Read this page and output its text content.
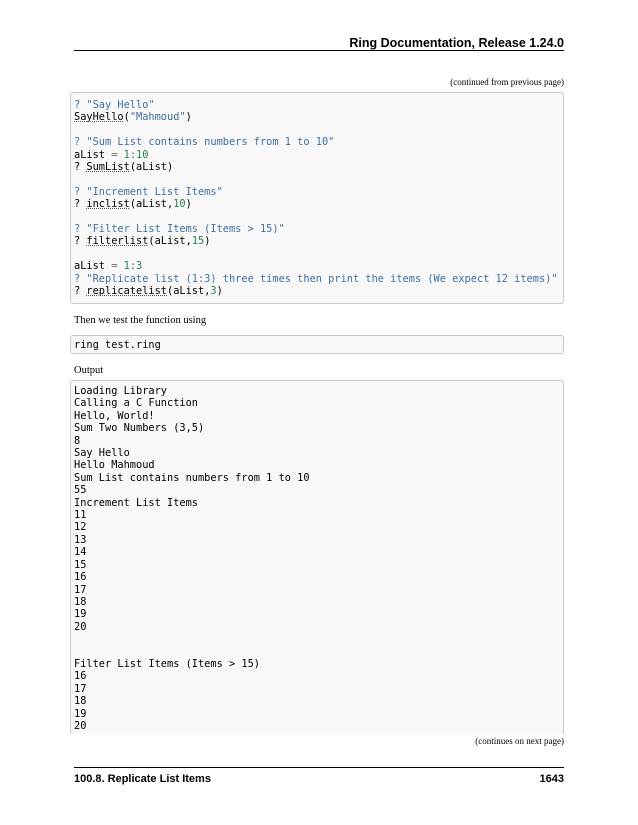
Ring Documentation, Release 1.24.0
(continued from previous page)
? "Say Hello"
SayHello("Mahmoud")

? "Sum List contains numbers from 1 to 10"
aList = 1:10
? SumList(aList)

? "Increment List Items"
? inclist(aList,10)

? "Filter List Items (Items > 15)"
? filterlist(aList,15)

aList = 1:3
? "Replicate list (1:3) three times then print the items (We expect 12 items)"
? replicatelist(aList,3)
Then we test the function using
ring test.ring
Output
Loading Library
Calling a C Function
Hello, World!
Sum Two Numbers (3,5)
8
Say Hello
Hello Mahmoud
Sum List contains numbers from 1 to 10
55
Increment List Items
11
12
13
14
15
16
17
18
19
20

Filter List Items (Items > 15)
16
17
18
19
20
(continues on next page)
100.8. Replicate List Items	1643
